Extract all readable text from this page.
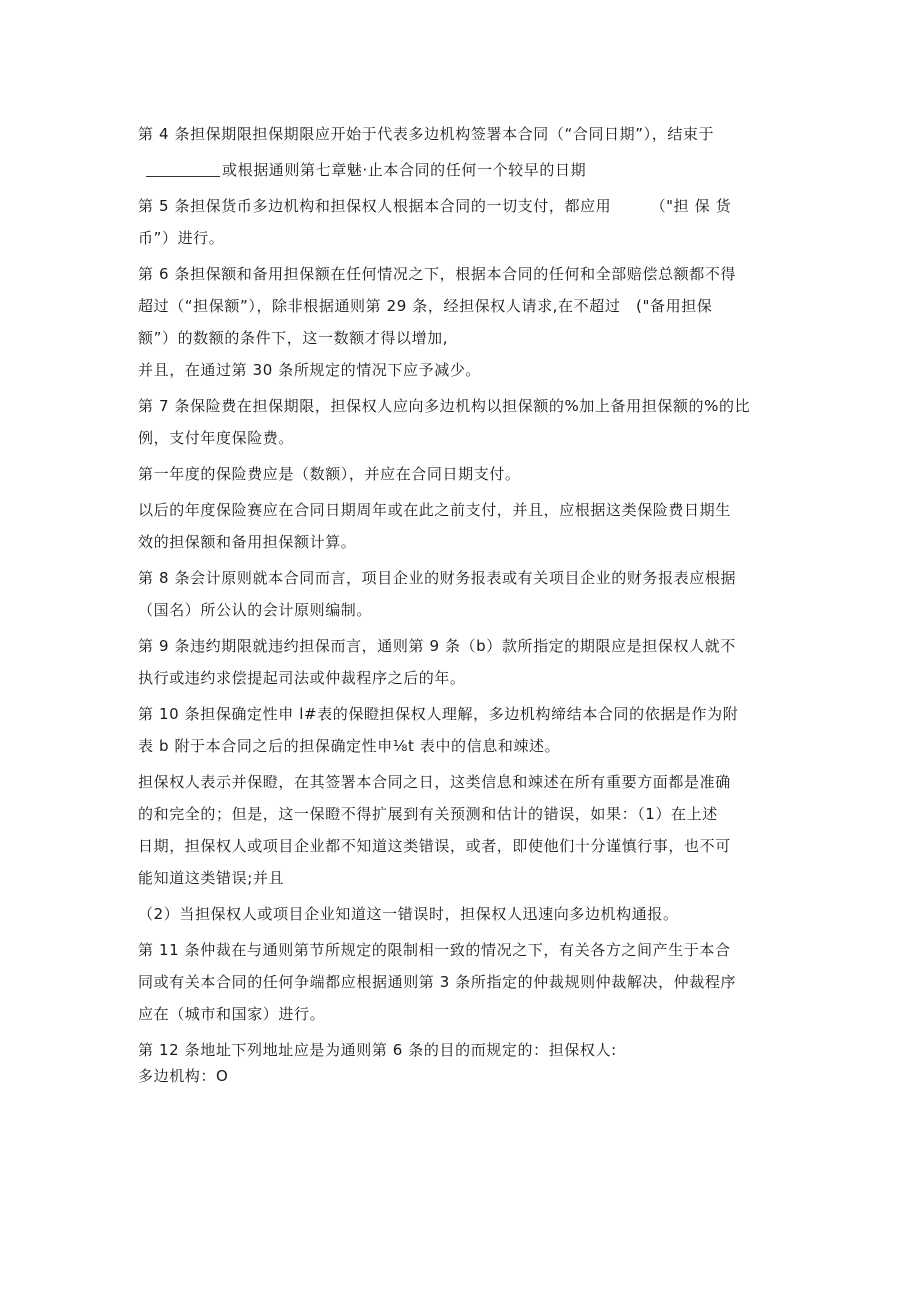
第 4 条担保期限担保期限应开始于代表多边机构签署本合同（“合同日期”），结束于
或根据通则第七章魅·止本合同的任何一个较早的日期
第 5 条担保货币多边机构和担保权人根据本合同的一切支付，都应用　　　（"担 保 货
币”）进行。
第 6 条担保额和备用担保额在任何情况之下，根据本合同的任何和全部赔偿总额都不得
超过（“担保额”），除非根据通则第 29 条，经担保权人请求,在不超过　("备用担保
额”）的数额的条件下，这一数额才得以增加,
并且，在通过第 30 条所规定的情况下应予减少。
第 7 条保险费在担保期限，担保权人应向多边机构以担保额的%加上备用担保额的%的比
例，支付年度保险费。
第一年度的保险费应是（数额），并应在合同日期支付。
以后的年度保险赛应在合同日期周年或在此之前支付，并且，应根据这类保险费日期生
效的担保额和备用担保额计算。
第 8 条会计原则就本合同而言，项目企业的财务报表或有关项目企业的财务报表应根据
（国名）所公认的会计原则编制。
第 9 条违约期限就违约担保而言，通则第 9 条（b）款所指定的期限应是担保权人就不
执行或违约求偿提起司法或仲裁程序之后的年。
第 10 条担保确定性申 l#表的保瞪担保权人理解，多边机构缔结本合同的依据是作为附
表 b 附于本合同之后的担保确定性申⅛t 表中的信息和竦述。
担保权人表示并保瞪，在其签署本合同之日，这类信息和竦述在所有重要方面都是准确
的和完全的；但是，这一保瞪不得扩展到有关预测和估计的错误，如果：（1）在上述
日期，担保权人或项目企业都不知道这类错误，或者，即使他们十分谨慎行事，也不可
能知道这类错误;并且
（2）当担保权人或项目企业知道这一错误时，担保权人迅速向多边机构通报。
第 11 条仲裁在与通则第节所规定的限制相一致的情况之下，有关各方之间产生于本合
同或有关本合同的任何争端都应根据通则第 3 条所指定的仲裁规则仲裁解决，仲裁程序
应在（城市和国家）进行。
第 12 条地址下列地址应是为通则第 6 条的目的而规定的：担保权人:
多边机构：O
